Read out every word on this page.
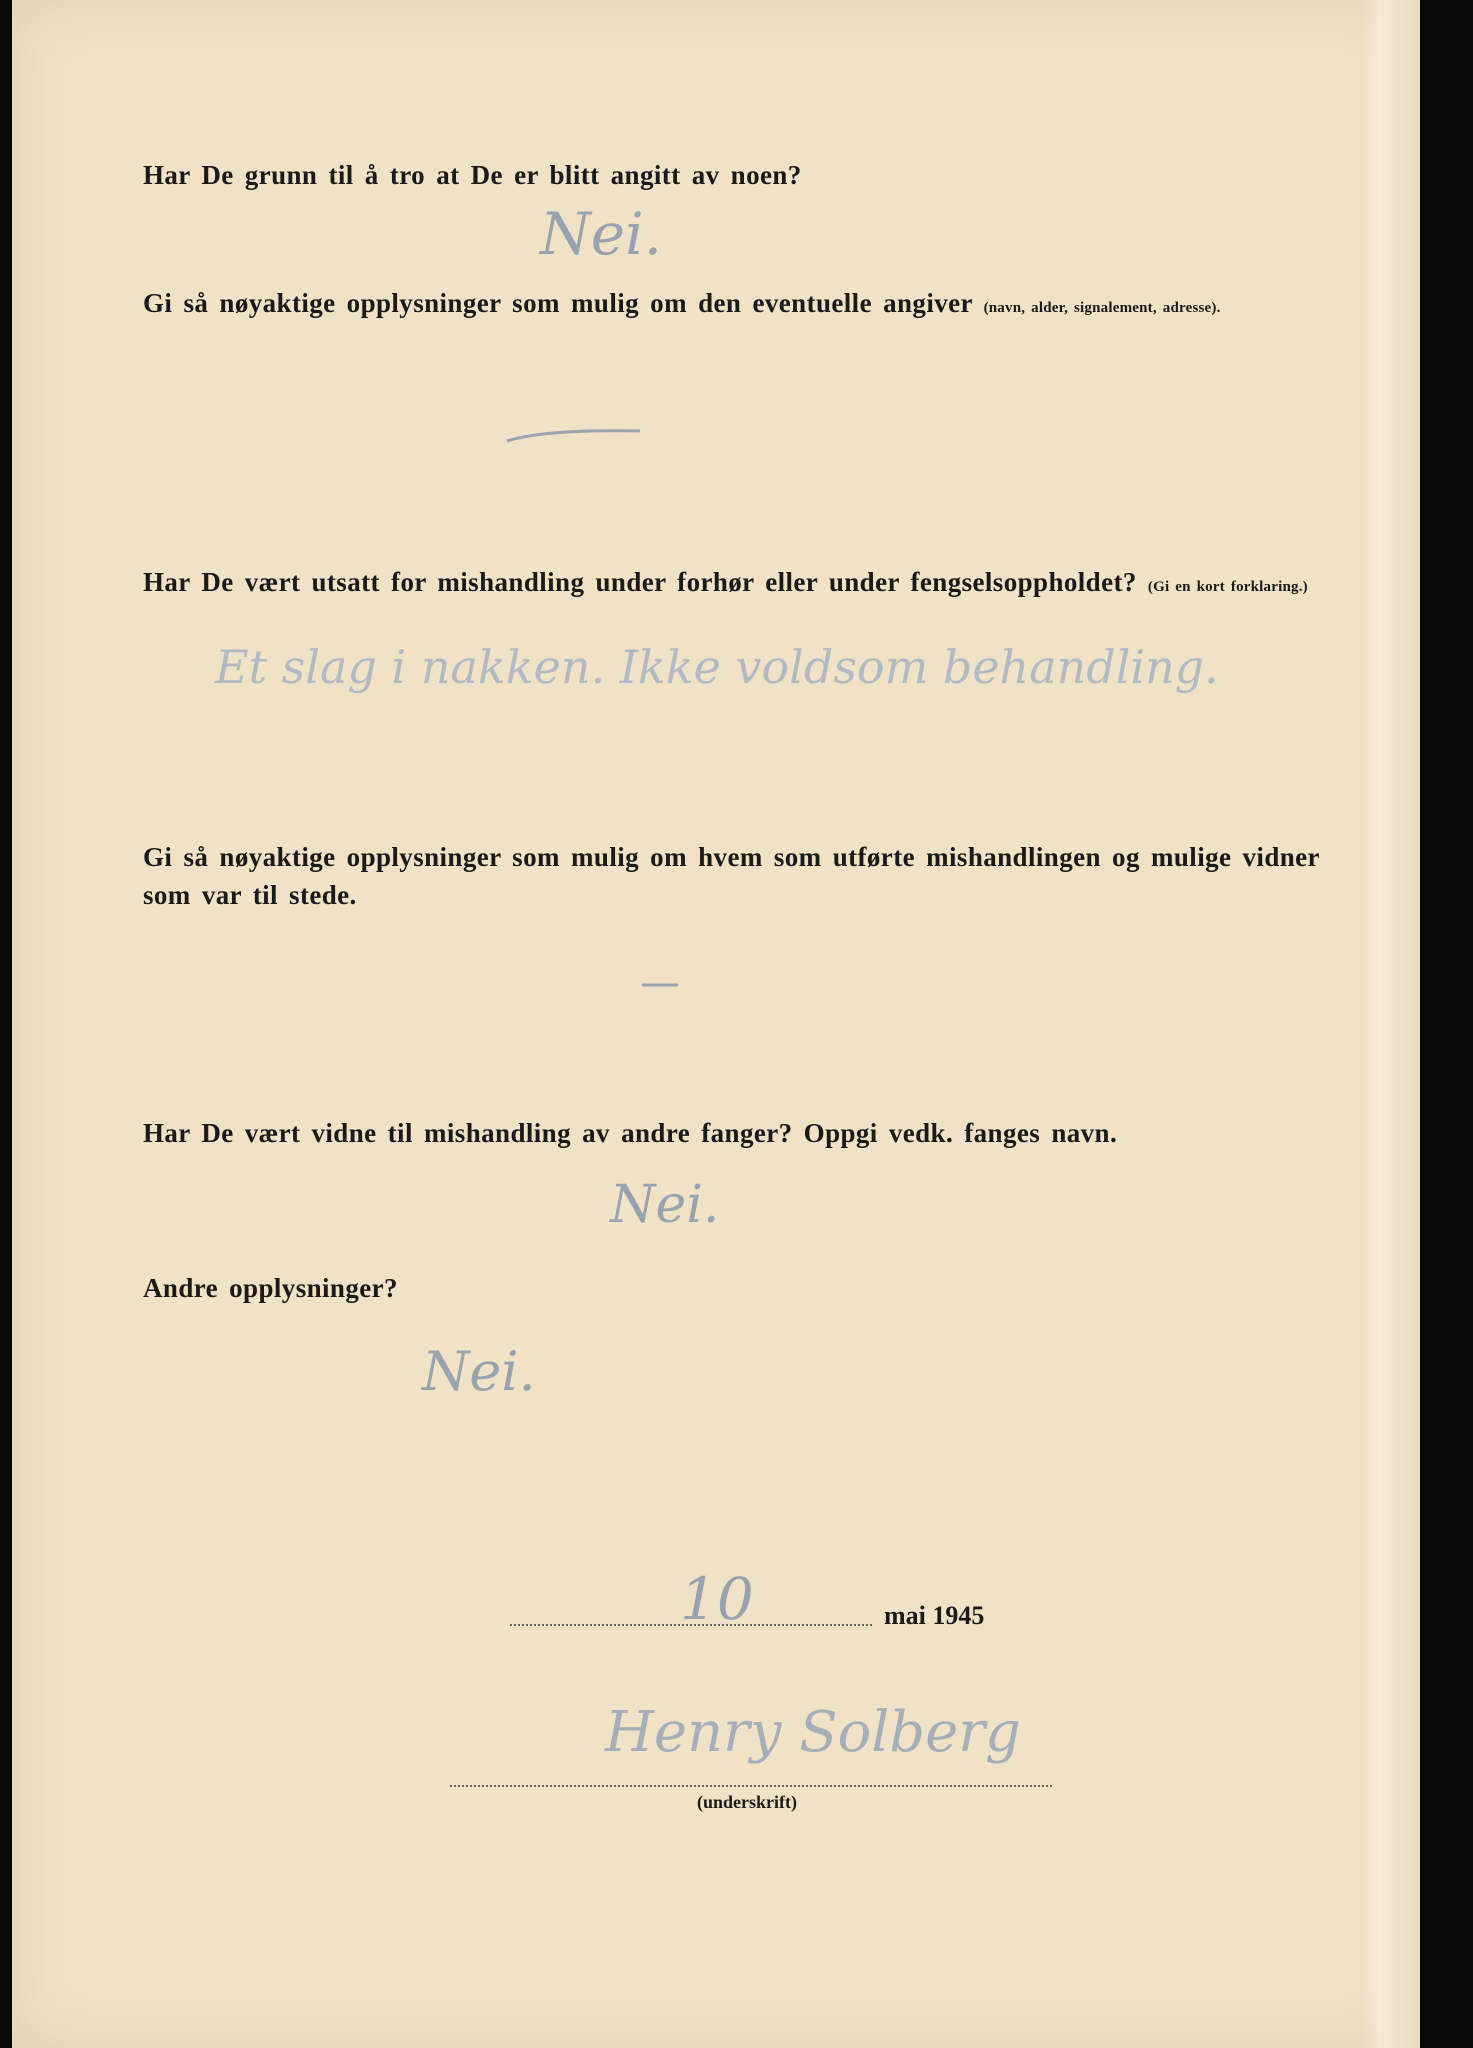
Har De grunn til å tro at De er blitt angitt av noen?
Nei.
Gi så nøyaktige opplysninger som mulig om den eventuelle angiver (navn, alder, signalement, adresse).
Har De vært utsatt for mishandling under forhør eller under fengselsoppholdet? (Gi en kort forklaring.)
Et slag i nakken. Ikke voldsom behandling.
Gi så nøyaktige opplysninger som mulig om hvem som utførte mishandlingen og mulige vidner som var til stede.
Har De vært vidne til mishandling av andre fanger? Oppgi vedk. fanges navn.
Nei.
Andre opplysninger?
Nei.
10	mai 1945
Henry Solberg
(underskrift)
